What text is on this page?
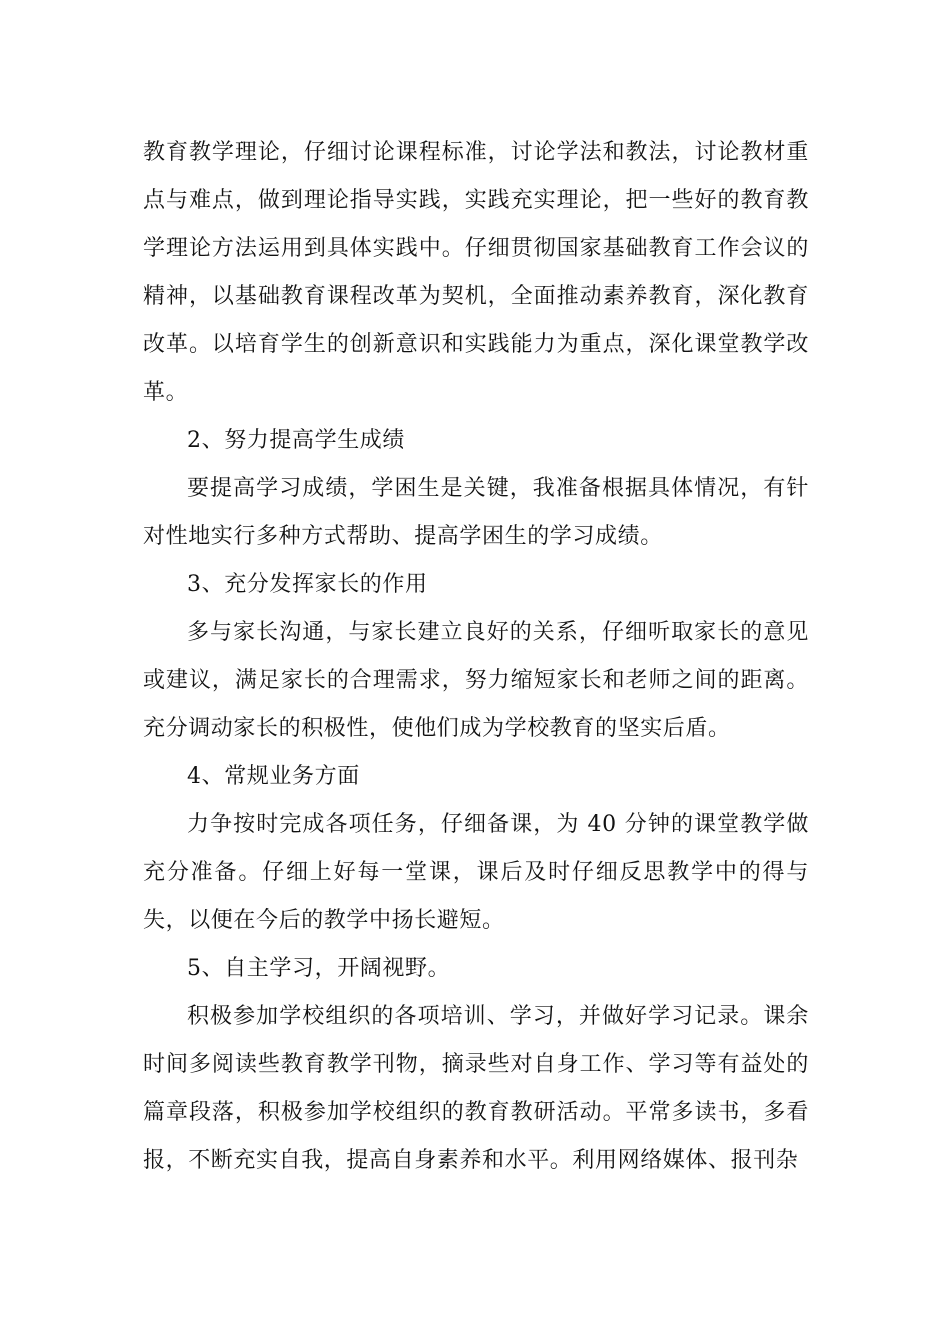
教育教学理论，仔细讨论课程标准，讨论学法和教法，讨论教材重点与难点，做到理论指导实践，实践充实理论，把一些好的教育教学理论方法运用到具体实践中。仔细贯彻国家基础教育工作会议的精神，以基础教育课程改革为契机，全面推动素养教育，深化教育改革。以培育学生的创新意识和实践能力为重点，深化课堂教学改革。

2、努力提高学生成绩

要提高学习成绩，学困生是关键，我准备根据具体情况，有针对性地实行多种方式帮助、提高学困生的学习成绩。

3、充分发挥家长的作用

多与家长沟通，与家长建立良好的关系，仔细听取家长的意见或建议，满足家长的合理需求，努力缩短家长和老师之间的距离。充分调动家长的积极性，使他们成为学校教育的坚实后盾。

4、常规业务方面

力争按时完成各项任务，仔细备课，为 40 分钟的课堂教学做充分准备。仔细上好每一堂课，课后及时仔细反思教学中的得与失，以便在今后的教学中扬长避短。

5、自主学习，开阔视野。

积极参加学校组织的各项培训、学习，并做好学习记录。课余时间多阅读些教育教学刊物，摘录些对自身工作、学习等有益处的篇章段落，积极参加学校组织的教育教研活动。平常多读书，多看报，不断充实自我，提高自身素养和水平。利用网络媒体、报刊杂
